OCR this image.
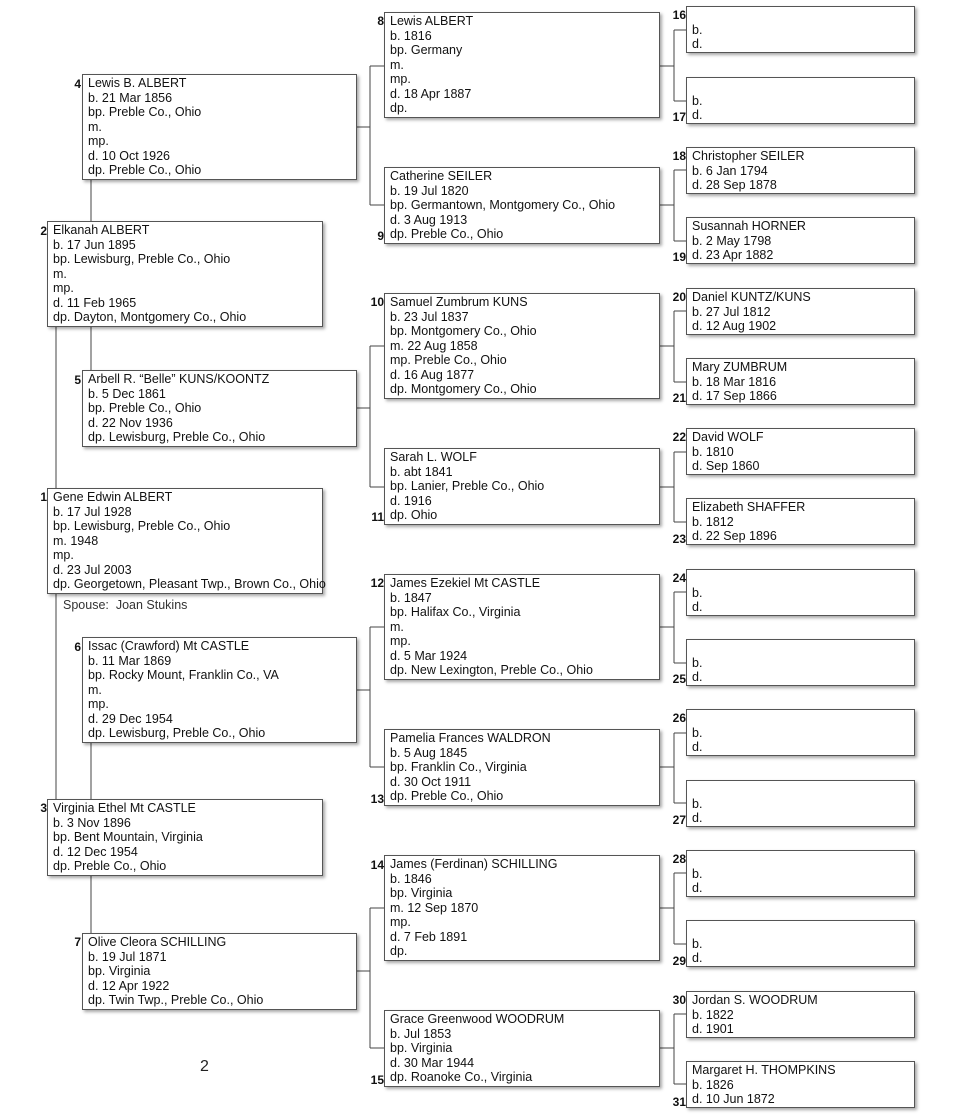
1 Gene Edwin ALBERT
b. 17 Jul 1928
bp. Lewisburg, Preble Co., Ohio
m. 1948
mp.
d. 23 Jul 2003
dp. Georgetown, Pleasant Twp., Brown Co., Ohio
Spouse: Joan Stukins
2 Elkanah ALBERT
b. 17 Jun 1895
bp. Lewisburg, Preble Co., Ohio
m.
mp.
d. 11 Feb 1965
dp. Dayton, Montgomery Co., Ohio
3 Virginia Ethel Mt CASTLE
b. 3 Nov 1896
bp. Bent Mountain, Virginia
d. 12 Dec 1954
dp. Preble Co., Ohio
4 Lewis B. ALBERT
b. 21 Mar 1856
bp. Preble Co., Ohio
m.
mp.
d. 10 Oct 1926
dp. Preble Co., Ohio
5 Arbell R. “Belle” KUNS/KOONTZ
b. 5 Dec 1861
bp. Preble Co., Ohio
d. 22 Nov 1936
dp. Lewisburg, Preble Co., Ohio
6 Issac (Crawford) Mt CASTLE
b. 11 Mar 1869
bp. Rocky Mount, Franklin Co., VA
m.
mp.
d. 29 Dec 1954
dp. Lewisburg, Preble Co., Ohio
7 Olive Cleora SCHILLING
b. 19 Jul 1871
bp. Virginia
d. 12 Apr 1922
dp. Twin Twp., Preble Co., Ohio
8 Lewis ALBERT
b. 1816
bp. Germany
m.
mp.
d. 18 Apr 1887
dp.
9
Catherine SEILER
b. 19 Jul 1820
bp. Germantown, Montgomery Co., Ohio
d. 3 Aug 1913
dp. Preble Co., Ohio
10 Samuel Zumbrum KUNS
b. 23 Jul 1837
bp. Montgomery Co., Ohio
m. 22 Aug 1858
mp. Preble Co., Ohio
d. 16 Aug 1877
dp. Montgomery Co., Ohio
11
Sarah L. WOLF
b. abt 1841
bp. Lanier, Preble Co., Ohio
d. 1916
dp. Ohio
12 James Ezekiel Mt CASTLE
b. 1847
bp. Halifax Co., Virginia
m.
mp.
d. 5 Mar 1924
dp. New Lexington, Preble Co., Ohio
13
Pamelia Frances WALDRON
b. 5 Aug 1845
bp. Franklin Co., Virginia
d. 30 Oct 1911
dp. Preble Co., Ohio
14 James (Ferdinan) SCHILLING
b. 1846
bp. Virginia
m. 12 Sep 1870
mp.
d. 7 Feb 1891
dp.
15
Grace Greenwood WOODRUM
b. Jul 1853
bp. Virginia
d. 30 Mar 1944
dp. Roanoke Co., Virginia
16
b.
d.
17
b.
d.
18 Christopher SEILER
b. 6 Jan 1794
d. 28 Sep 1878
19
Susannah HORNER
b. 2 May 1798
d. 23 Apr 1882
20 Daniel KUNTZ/KUNS
b. 27 Jul 1812
d. 12 Aug 1902
21
Mary ZUMBRUM
b. 18 Mar 1816
d. 17 Sep 1866
22 David WOLF
b. 1810
d. Sep 1860
23
Elizabeth SHAFFER
b. 1812
d. 22 Sep 1896
24
b.
d.
25
b.
d.
26
b.
d.
27
b.
d.
28
b.
d.
29
b.
d.
30 Jordan S. WOODRUM
b. 1822
d. 1901
31
Margaret H. THOMPKINS
b. 1826
d. 10 Jun 1872
2
